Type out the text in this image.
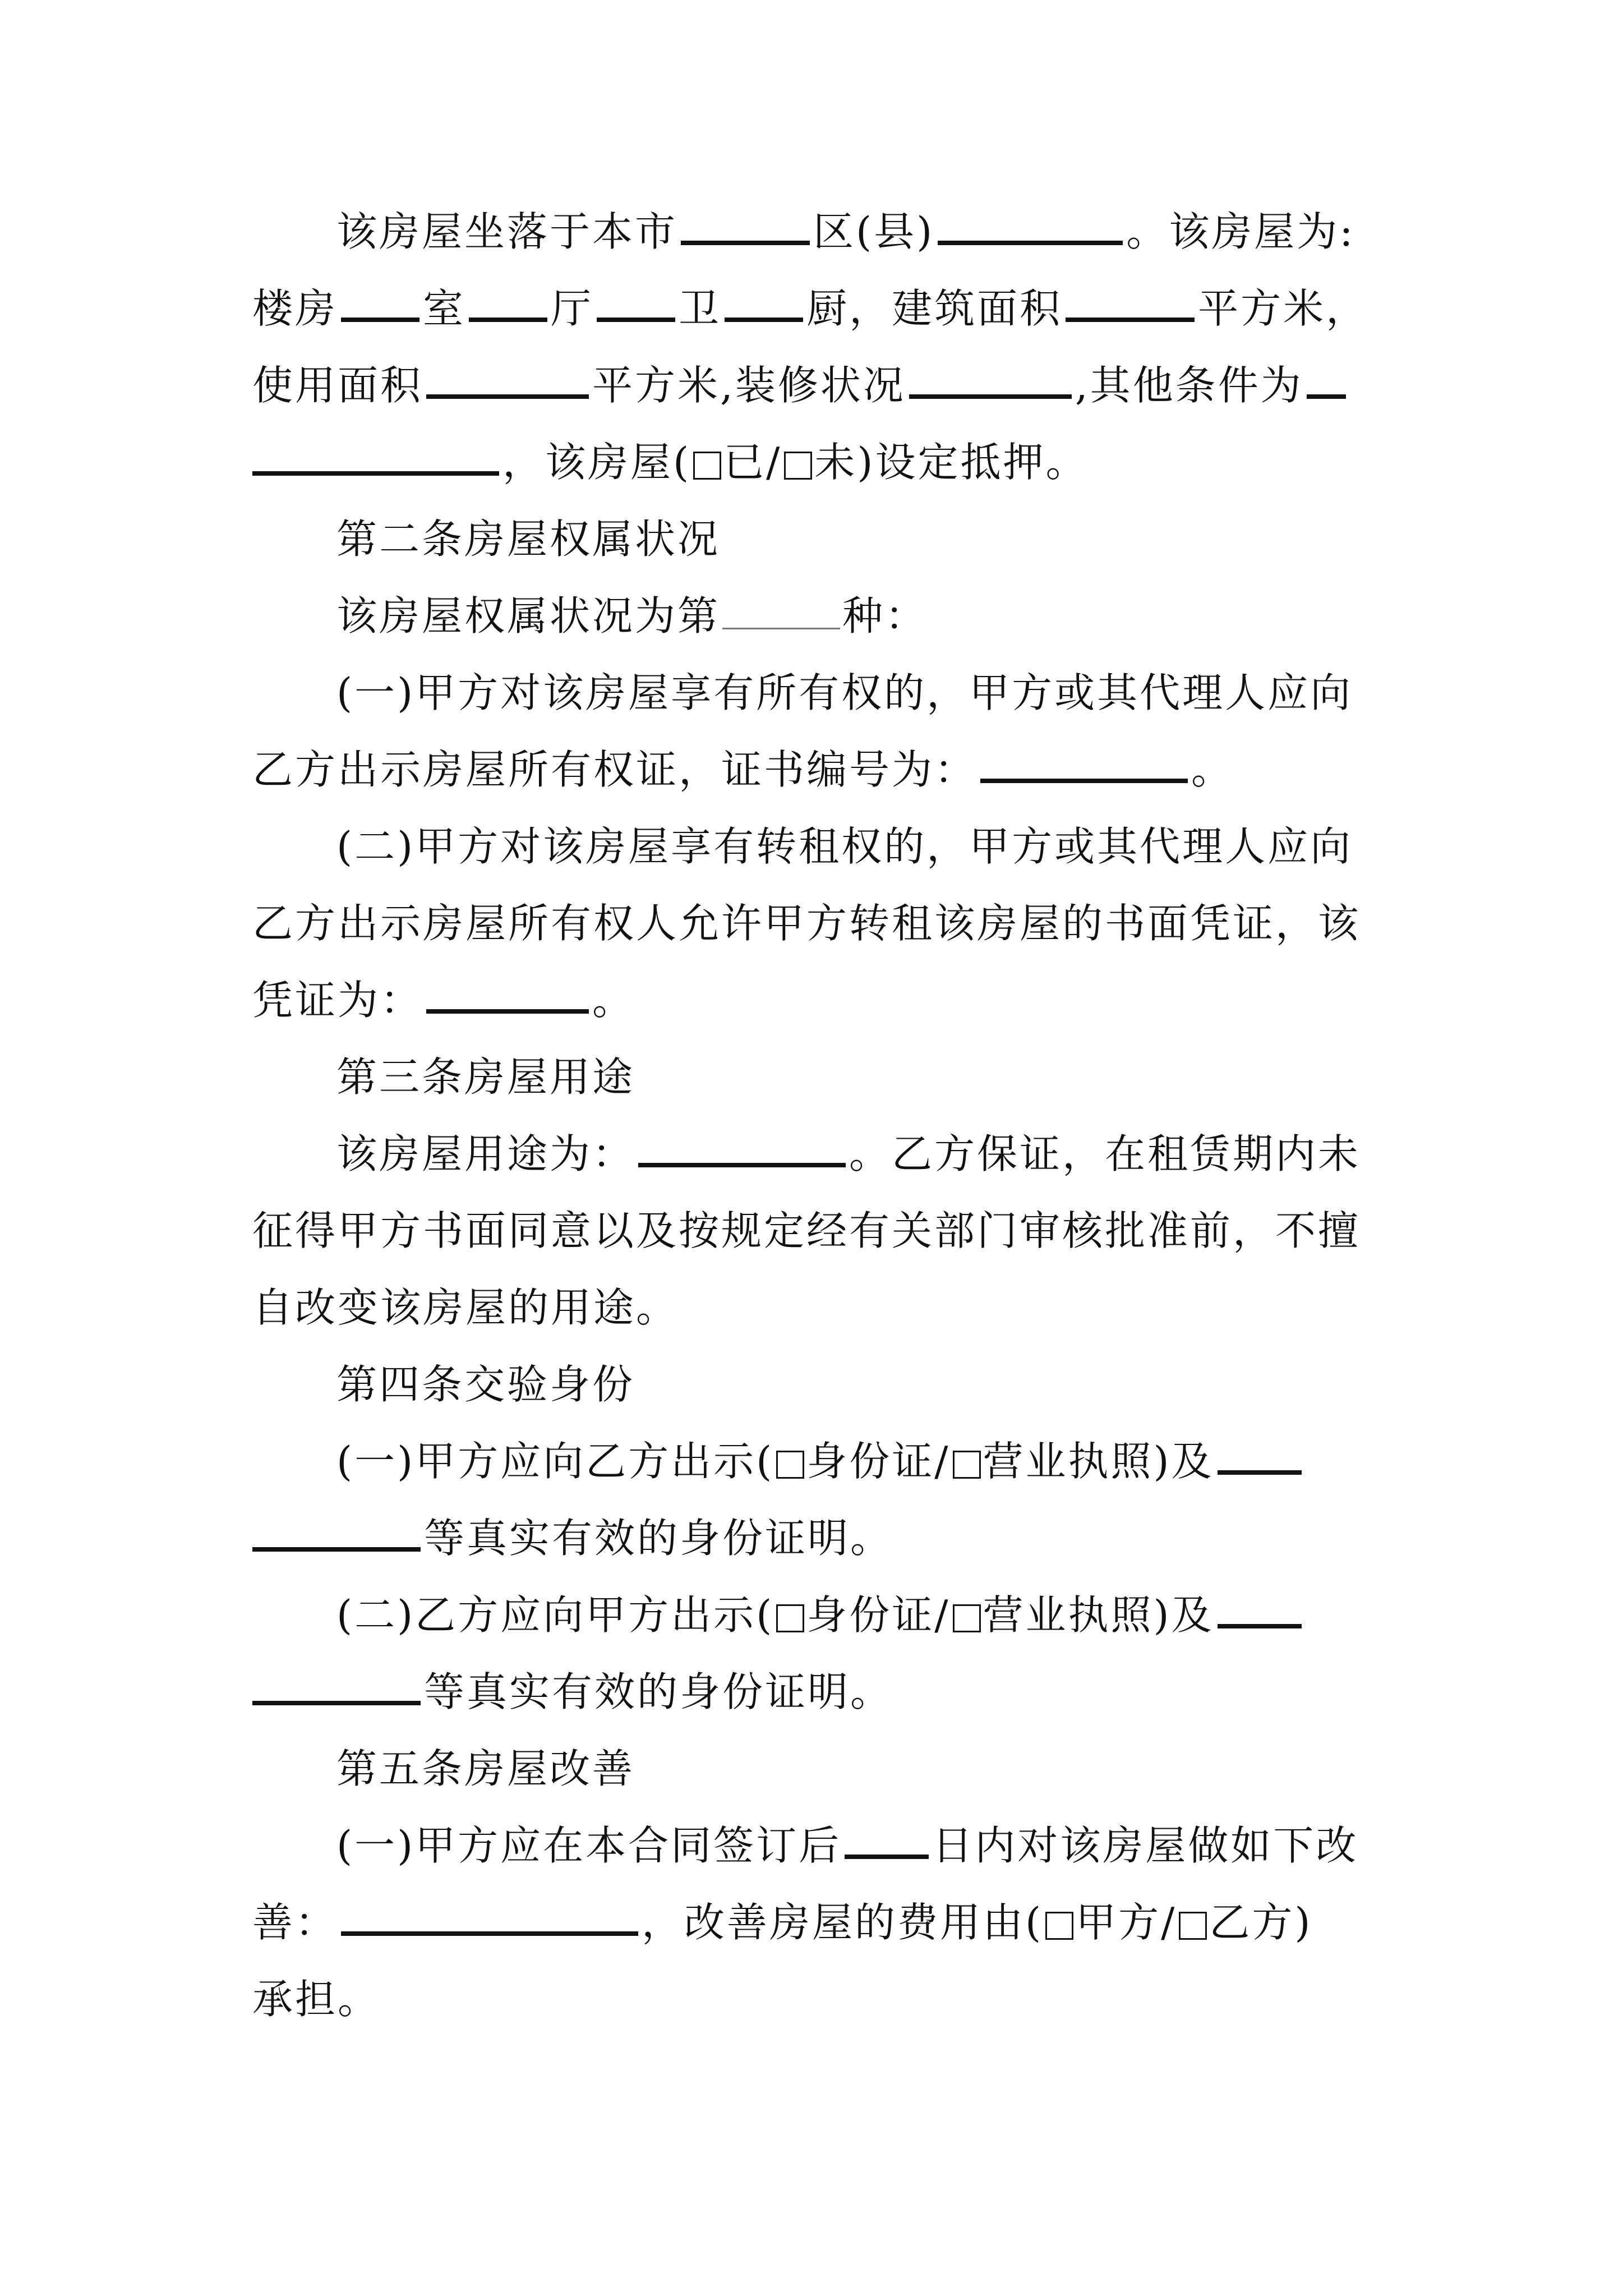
该房屋坐落于本市	区(县)	。该房屋为:
楼房 室 厅 卫 厨，建筑面积	平方米，
使用面积	平方米,装修状况	,其他条件为
，该房屋( 已/ 未)设定抵押。
第二条房屋权属状况
该房屋权属状况为第	种：
(一)甲方对该房屋享有所有权的，甲方或其代理人应向
乙方出示房屋所有权证，证书编号为：	。
(二)甲方对该房屋享有转租权的，甲方或其代理人应向
乙方出示房屋所有权人允许甲方转租该房屋的书面凭证，该
凭证为：	。
第三条房屋用途
该房屋用途为：	。乙方保证，在租赁期内未
征得甲方书面同意以及按规定经有关部门审核批准前，不擅
自改变该房屋的用途。
第四条交验身份
(一)甲方应向乙方出示( 身份证/ 营业执照)及
等真实有效的身份证明。
(二)乙方应向甲方出示( 身份证/ 营业执照)及
等真实有效的身份证明。
第五条房屋改善
(一)甲方应在本合同签订后 日内对该房屋做如下改
善：	，改善房屋的费用由( 甲方/ 乙方)
承担。
